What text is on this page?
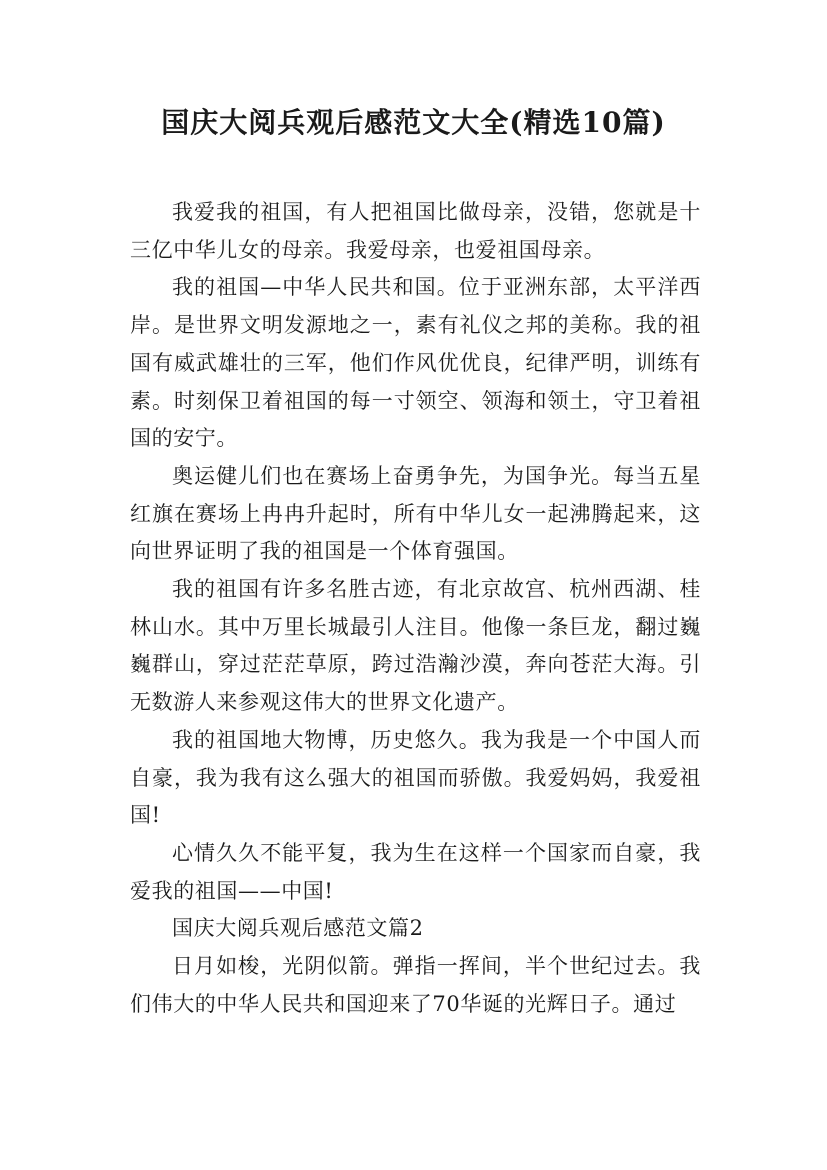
国庆大阅兵观后感范文大全(精选10篇)

我爱我的祖国，有人把祖国比做母亲，没错，您就是十三亿中华儿女的母亲。我爱母亲，也爱祖国母亲。

我的祖国—中华人民共和国。位于亚洲东部，太平洋西岸。是世界文明发源地之一，素有礼仪之邦的美称。我的祖国有威武雄壮的三军，他们作风优优良，纪律严明，训练有素。时刻保卫着祖国的每一寸领空、领海和领土，守卫着祖国的安宁。

奥运健儿们也在赛场上奋勇争先，为国争光。每当五星红旗在赛场上冉冉升起时，所有中华儿女一起沸腾起来，这向世界证明了我的祖国是一个体育强国。

我的祖国有许多名胜古迹，有北京故宫、杭州西湖、桂林山水。其中万里长城最引人注目。他像一条巨龙，翻过巍巍群山，穿过茫茫草原，跨过浩瀚沙漠，奔向苍茫大海。引无数游人来参观这伟大的世界文化遗产。

我的祖国地大物博，历史悠久。我为我是一个中国人而自豪，我为我有这么强大的祖国而骄傲。我爱妈妈，我爱祖国!

心情久久不能平复，我为生在这样一个国家而自豪，我爱我的祖国——中国!

国庆大阅兵观后感范文篇2

日月如梭，光阴似箭。弹指一挥间，半个世纪过去。我们伟大的中华人民共和国迎来了70华诞的光辉日子。通过
